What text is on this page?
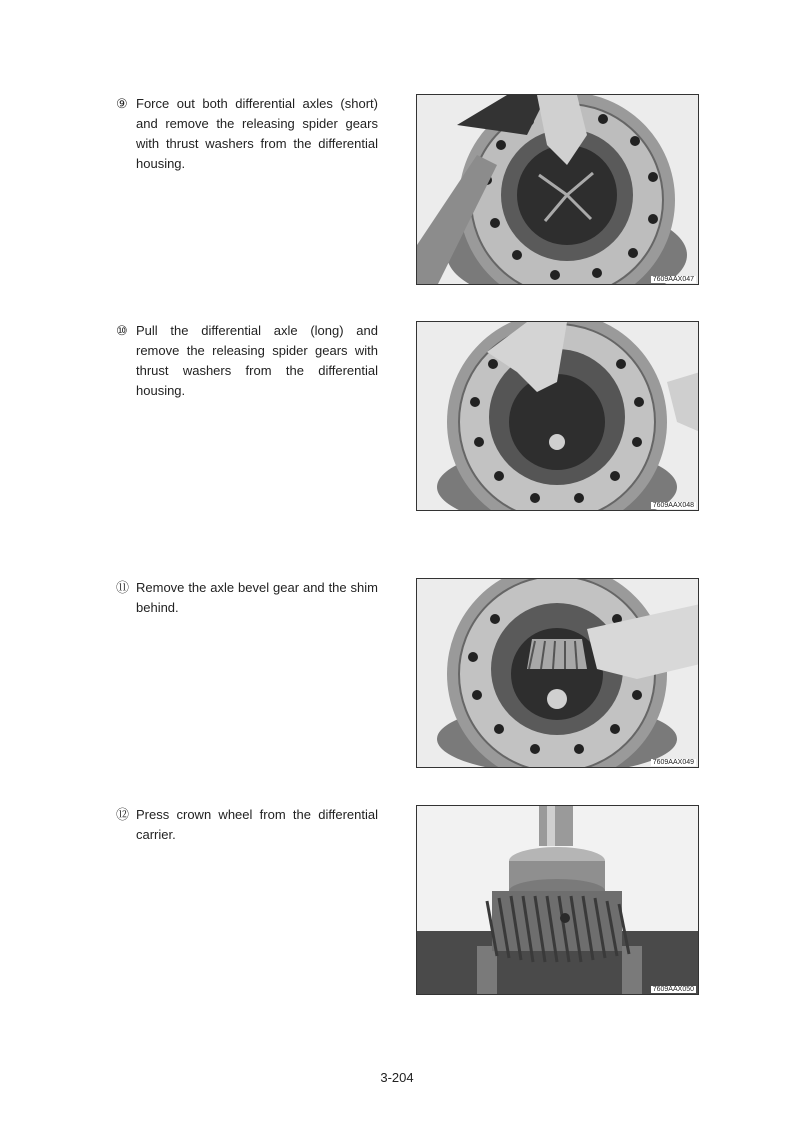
⑨ Force out both differential axles (short) and remove the releasing spider gears with thrust washers from the differential housing.
7609AAX047
⑩ Pull the differential axle (long) and remove the releasing spider gears with thrust washers from the differential housing.
7609AAX048
⑪ Remove the axle bevel gear and the shim behind.
7609AAX049
⑫ Press crown wheel from the differential carrier.
7609AAX050
3-204
